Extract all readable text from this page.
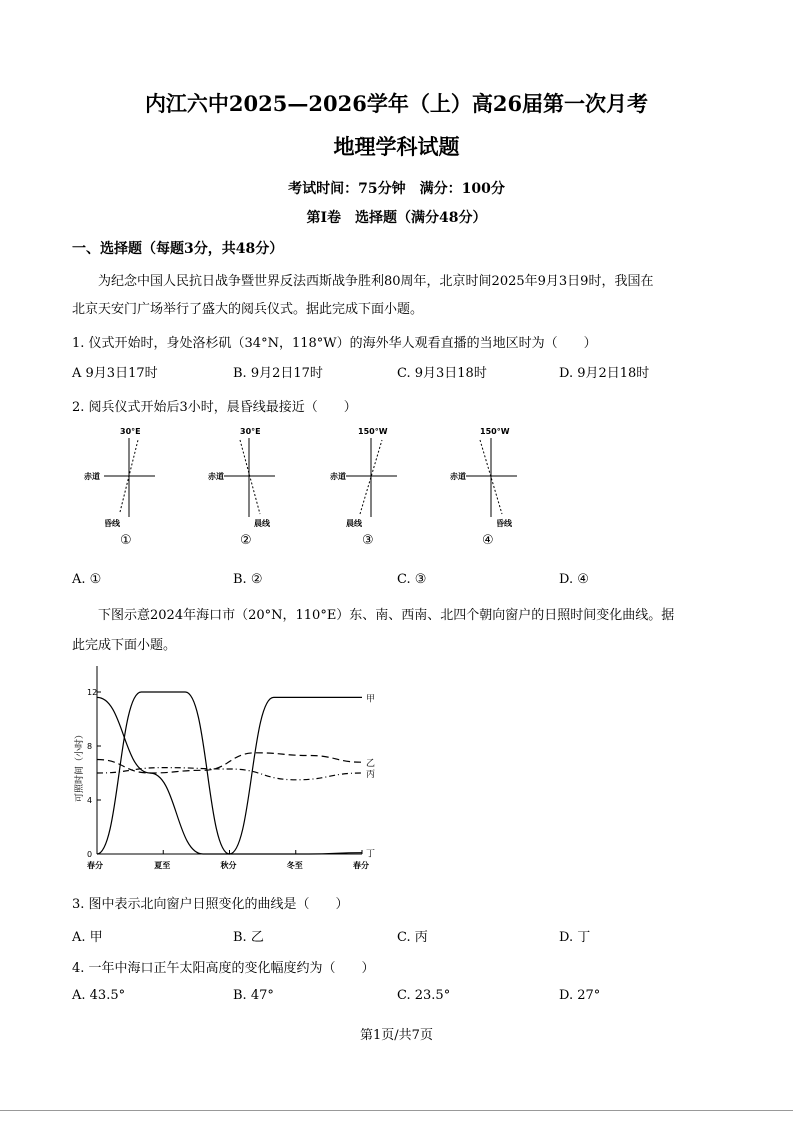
内江六中2025—2026学年（上）高26届第一次月考
地理学科试题
考试时间：75分钟　满分：100分
第Ⅰ卷　选择题（满分48分）
一、选择题（每题3分，共48分）
为纪念中国人民抗日战争暨世界反法西斯战争胜利80周年，北京时间2025年9月3日9时，我国在
北京天安门广场举行了盛大的阅兵仪式。据此完成下面小题。
1. 仪式开始时，身处洛杉矶（34°N，118°W）的海外华人观看直播的当地区时为（　　）
A 9月3日17时	B. 9月2日17时	C. 9月3日18时	D. 9月2日18时
2. 阅兵仪式开始后3小时，晨昏线最接近（　　）
30°E
赤道
昏线
①
30°E
赤道
晨线
②
150°W
赤道
晨线
③
150°W
赤道
昏线
④
A. ①	B. ②	C. ③	D. ④
下图示意2024年海口市（20°N，110°E）东、南、西南、北四个朝向窗户的日照时间变化曲线。据
此完成下面小题。
可照时间（小时）
12
8
4
0
春分	夏至	秋分	冬至	春分
甲
乙
丙
丁
3. 图中表示北向窗户日照变化的曲线是（　　）
A. 甲	B. 乙	C. 丙	D. 丁
4. 一年中海口正午太阳高度的变化幅度约为（　　）
A. 43.5°	B. 47°	C. 23.5°	D. 27°
第1页/共7页
